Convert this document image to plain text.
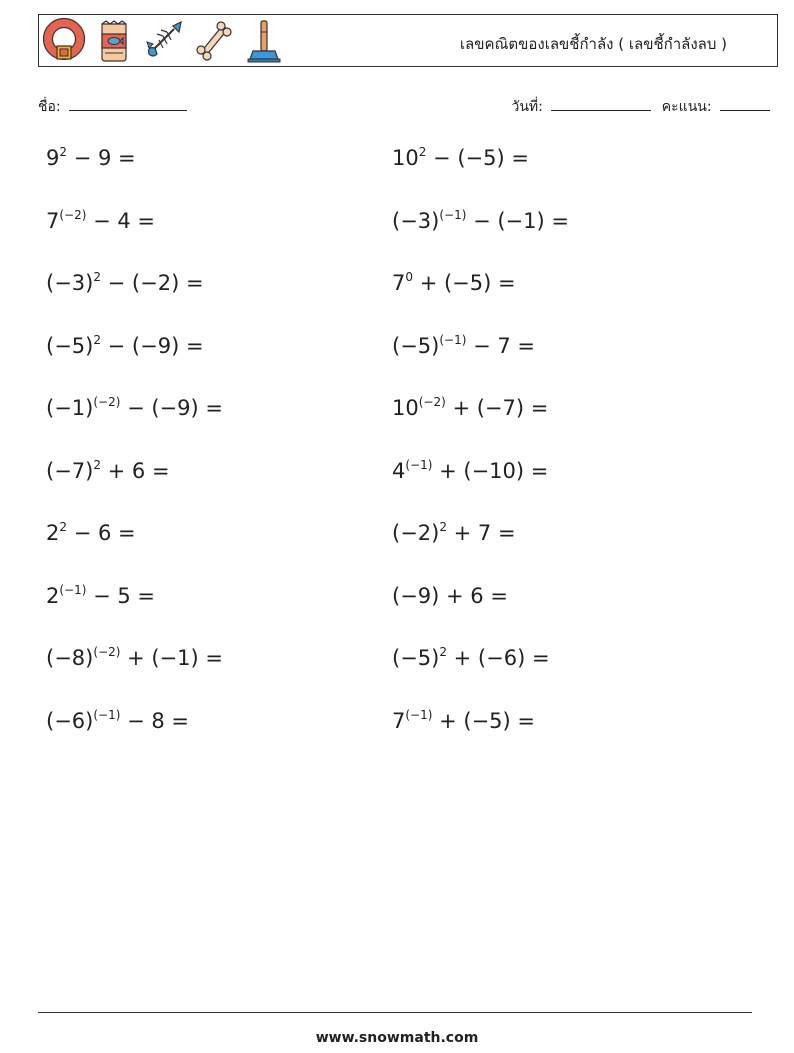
เลขคณิตของเลขชี้กำลัง ( เลขชี้กำลังลบ )
ชื่อ:	วันที่:	คะแนน:
$9^2 - 9$ =	$10^2 - (-5)$ =
$7^{(-2)} - 4$ =	$(-3)^{(-1)} - (-1)$ =
$(-3)^2 - (-2)$ =	$7^0 + (-5)$ =
$(-5)^2 - (-9)$ =	$(-5)^{(-1)} - 7$ =
$(-1)^{(-2)} - (-9)$ =	$10^{(-2)} + (-7)$ =
$(-7)^2 + 6$ =	$4^{(-1)} + (-10)$ =
$2^2 - 6$ =	$(-2)^2 + 7$ =
$2^{(-1)} - 5$ =	(−9) + 6 =
$(-8)^{(-2)} + (-1)$ =	$(-5)^2 + (-6)$ =
$(-6)^{(-1)} - 8$ =	$7^{(-1)} + (-5)$ =
www.snowmath.com
